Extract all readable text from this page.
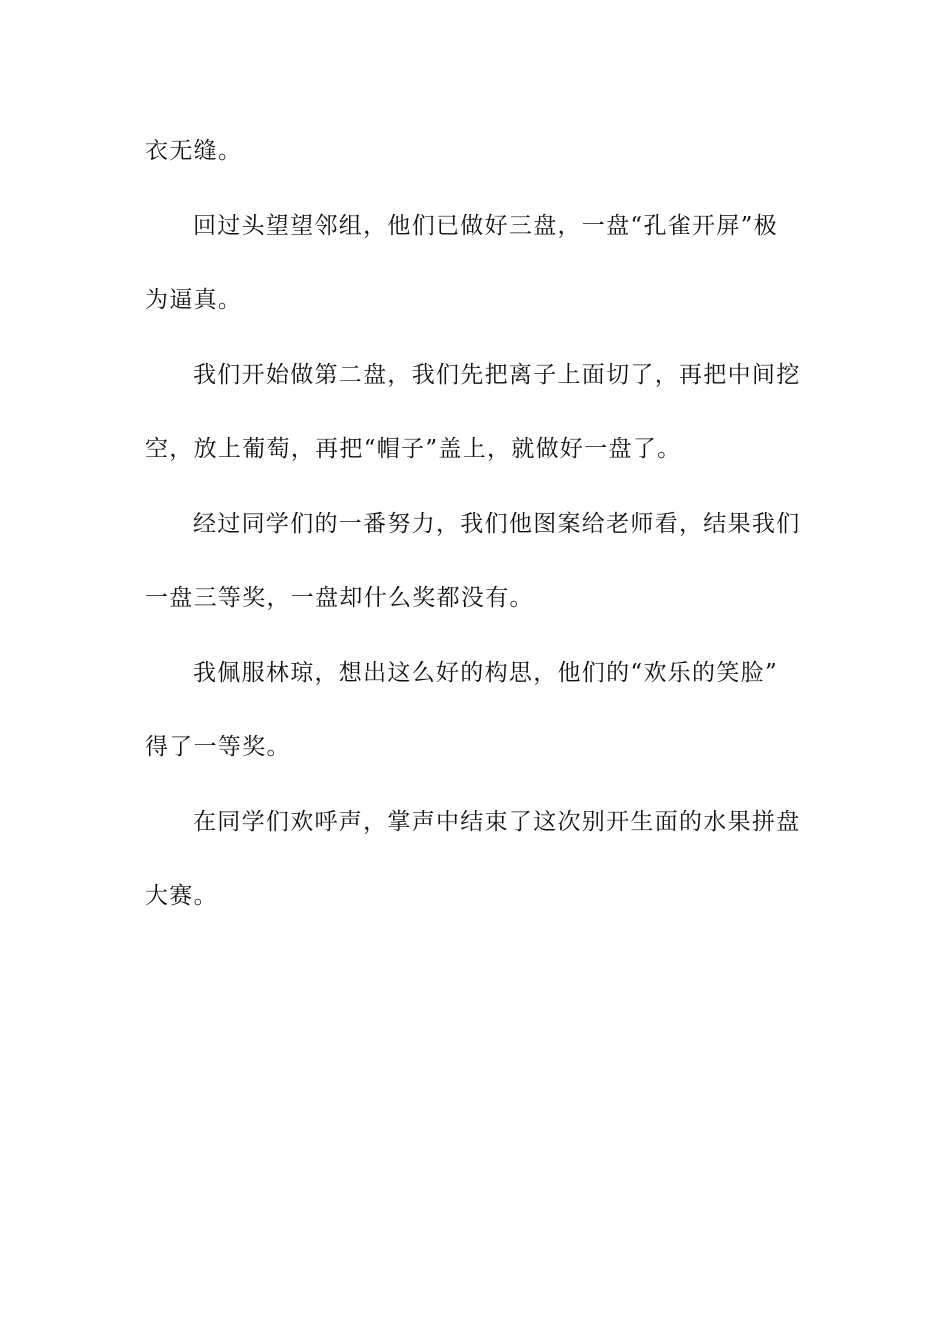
衣无缝。
回过头望望邻组，他们已做好三盘，一盘“孔雀开屏”极
为逼真。
我们开始做第二盘，我们先把离子上面切了，再把中间挖
空，放上葡萄，再把“帽子”盖上，就做好一盘了。
经过同学们的一番努力，我们他图案给老师看，结果我们
一盘三等奖，一盘却什么奖都没有。
我佩服林琼，想出这么好的构思，他们的“欢乐的笑脸”
得了一等奖。
在同学们欢呼声，掌声中结束了这次别开生面的水果拼盘
大赛。
